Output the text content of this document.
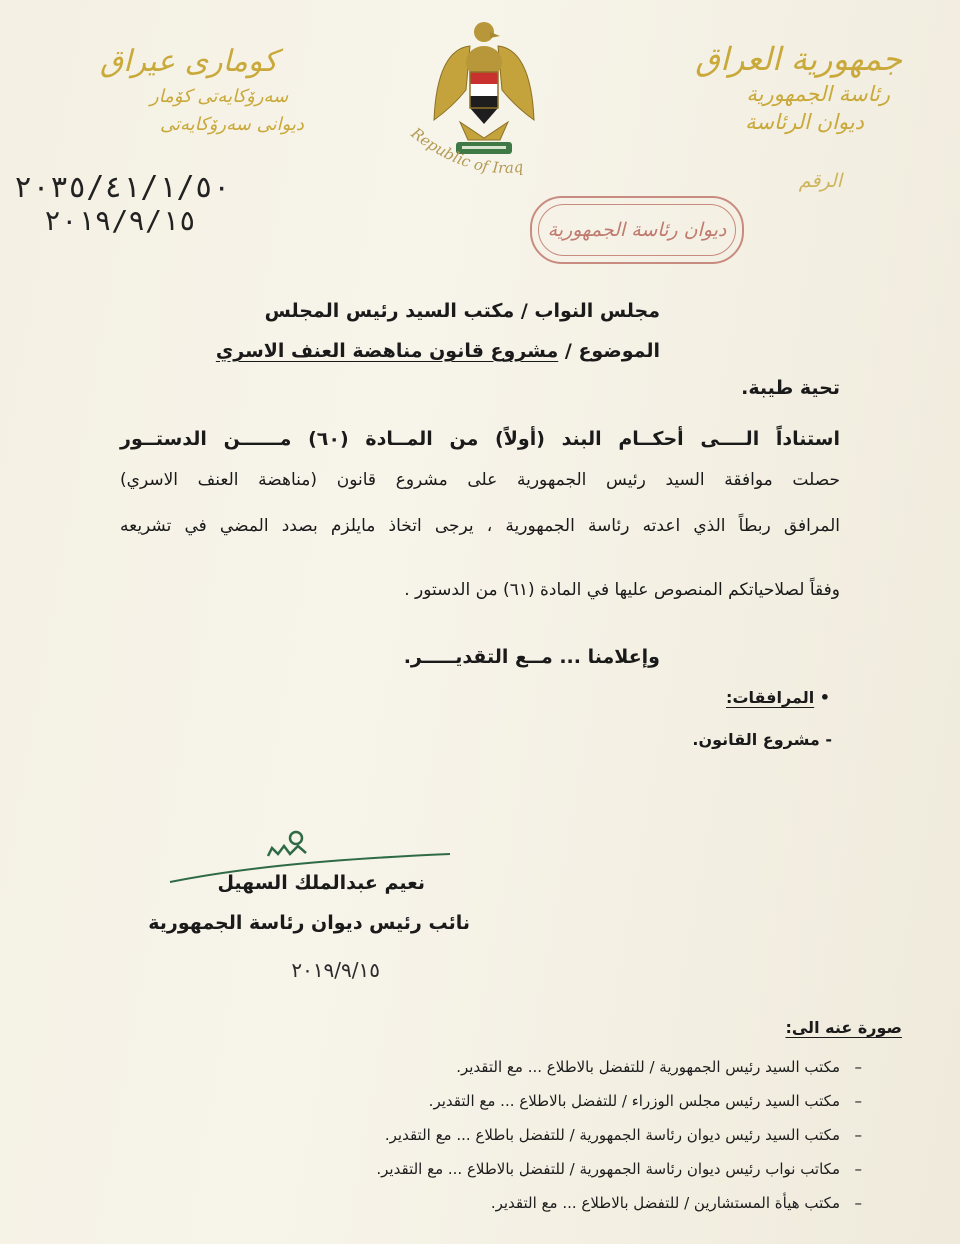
جمهورية العراق
رئاسة الجمهورية
ديوان الرئاسة
الرقم
كومارى عيراق
سەرۆكایەتی كۆمار
دیوانی سەرۆكایەتی	Republic of Iraq
٢٠٣٥/٤١/١/٥٠
٢٠١٩/٩/١٥	ديوان رئاسة الجمهورية
مجلس النواب / مكتب السيد رئيس المجلس
الموضوع / مشروع قانون مناهضة العنف الاسري
تحية طيبة.
استناداً الــــى أحكــام البند (أولاً) من المــادة (٦٠) مــــــن الدستــور
حصلت موافقة السيد رئيس الجمهورية على مشروع قانون (مناهضة العنف الاسري)
المرافق ربطاً الذي اعدته رئاسة الجمهورية ، يرجى اتخاذ مايلزم بصدد المضي في تشريعه
وفقاً لصلاحياتكم المنصوص عليها في المادة (٦١) من الدستور .
وإعلامنا ... مــع التقديـــــر.
• المرافقات:
- مشروع القانون.
نعيم عبدالملك السهيل
نائب رئيس ديوان رئاسة الجمهورية
٢٠١٩/٩/١٥
صورة عنه الى:
–
مكتب السيد رئيس الجمهورية / للتفضل بالاطلاع ... مع التقدير.
–
مكتب السيد رئيس مجلس الوزراء / للتفضل بالاطلاع ... مع التقدير.
–
مكتب السيد رئيس ديوان رئاسة الجمهورية / للتفضل باطلاع ... مع التقدير.
–
مكاتب نواب رئيس ديوان رئاسة الجمهورية / للتفضل بالاطلاع ... مع التقدير.
–
مكتب هيأة المستشارين / للتفضل بالاطلاع ... مع التقدير.
